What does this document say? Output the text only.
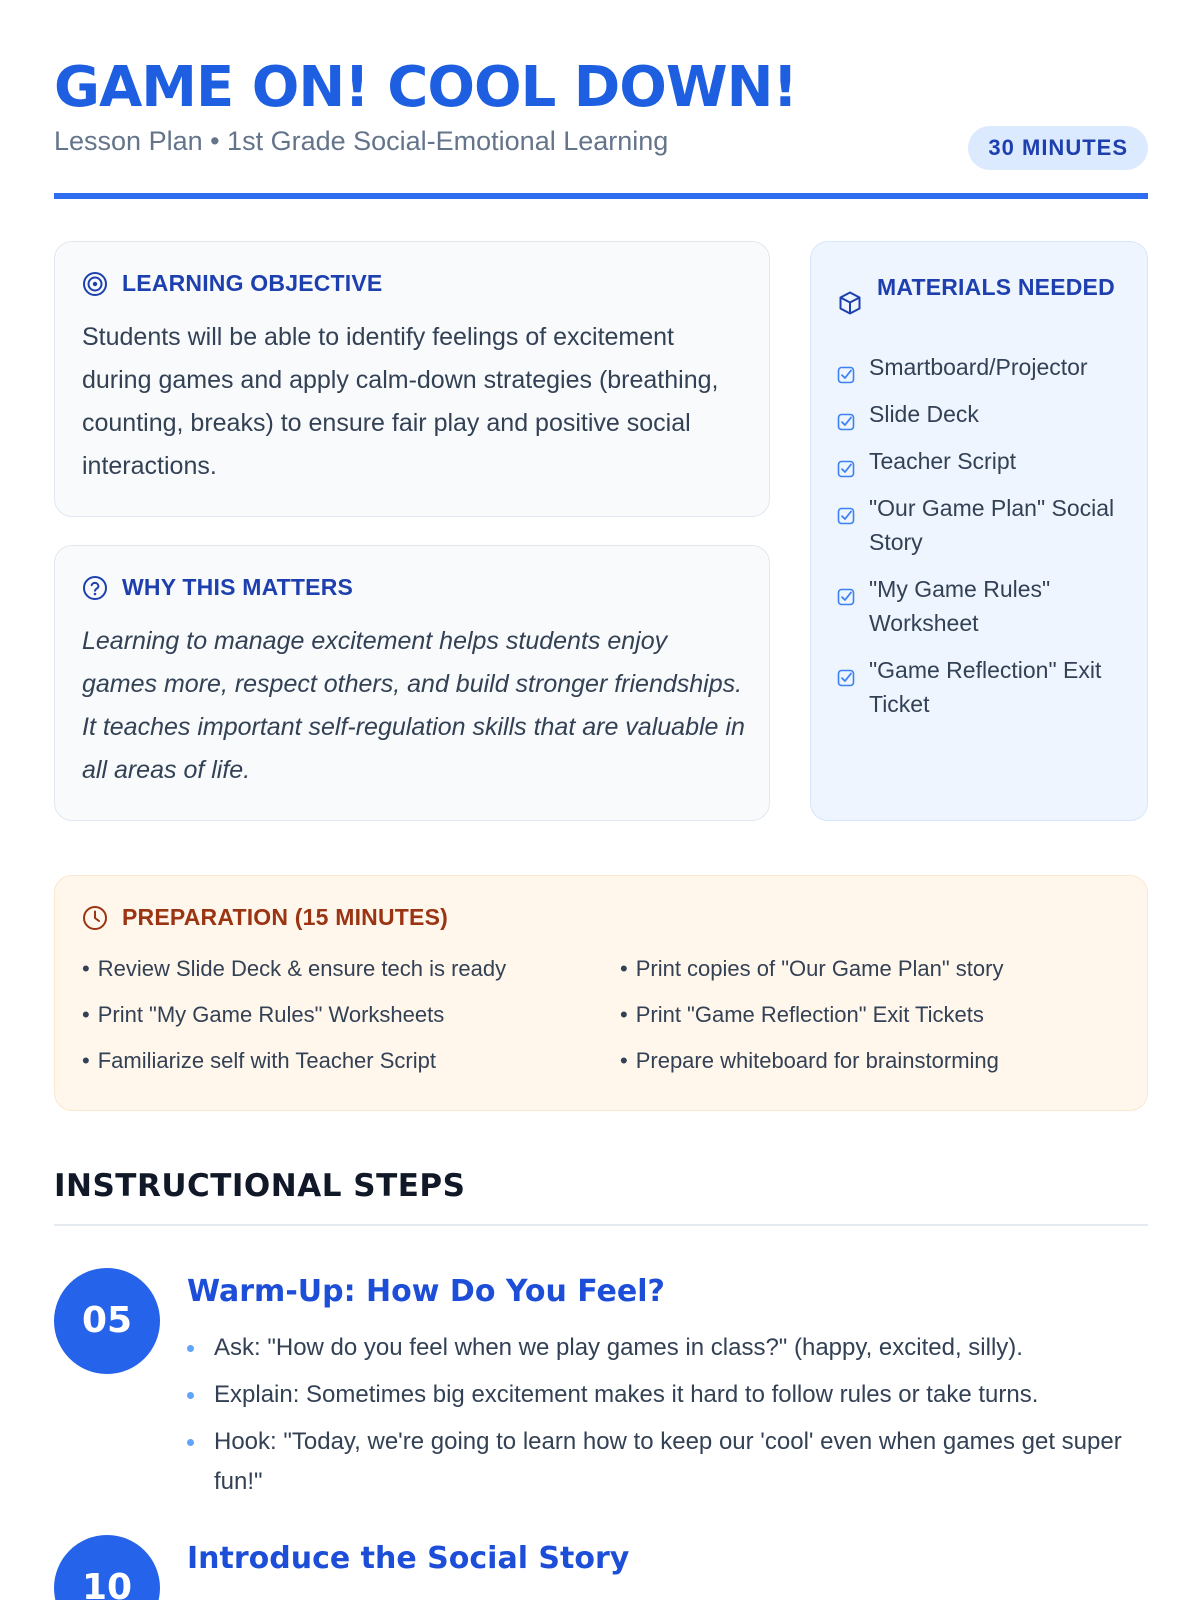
GAME ON! COOL DOWN!
Lesson Plan • 1st Grade Social-Emotional Learning	30 MINUTES
LEARNING OBJECTIVE

Students will be able to identify feelings of excitement during games and apply calm-down strategies (breathing, counting, breaks) to ensure fair play and positive social interactions.

WHY THIS MATTERS

Learning to manage excitement helps students enjoy games more, respect others, and build stronger friendships. It teaches important self-regulation skills that are valuable in all areas of life.

MATERIALS NEEDED
Smartboard/Projector
Slide Deck
Teacher Script
"Our Game Plan" Social Story
"My Game Rules" Worksheet
"Game Reflection" Exit Ticket
PREPARATION (15 MINUTES)
• Review Slide Deck & ensure tech is ready	• Print copies of "Our Game Plan" story
• Print "My Game Rules" Worksheets	• Print "Game Reflection" Exit Tickets
• Familiarize self with Teacher Script	• Prepare whiteboard for brainstorming
INSTRUCTIONAL STEPS
05
Warm-Up: How Do You Feel?
Ask: "How do you feel when we play games in class?" (happy, excited, silly).
Explain: Sometimes big excitement makes it hard to follow rules or take turns.
Hook: "Today, we're going to learn how to keep our 'cool' even when games get super fun!"
10
Introduce the Social Story
